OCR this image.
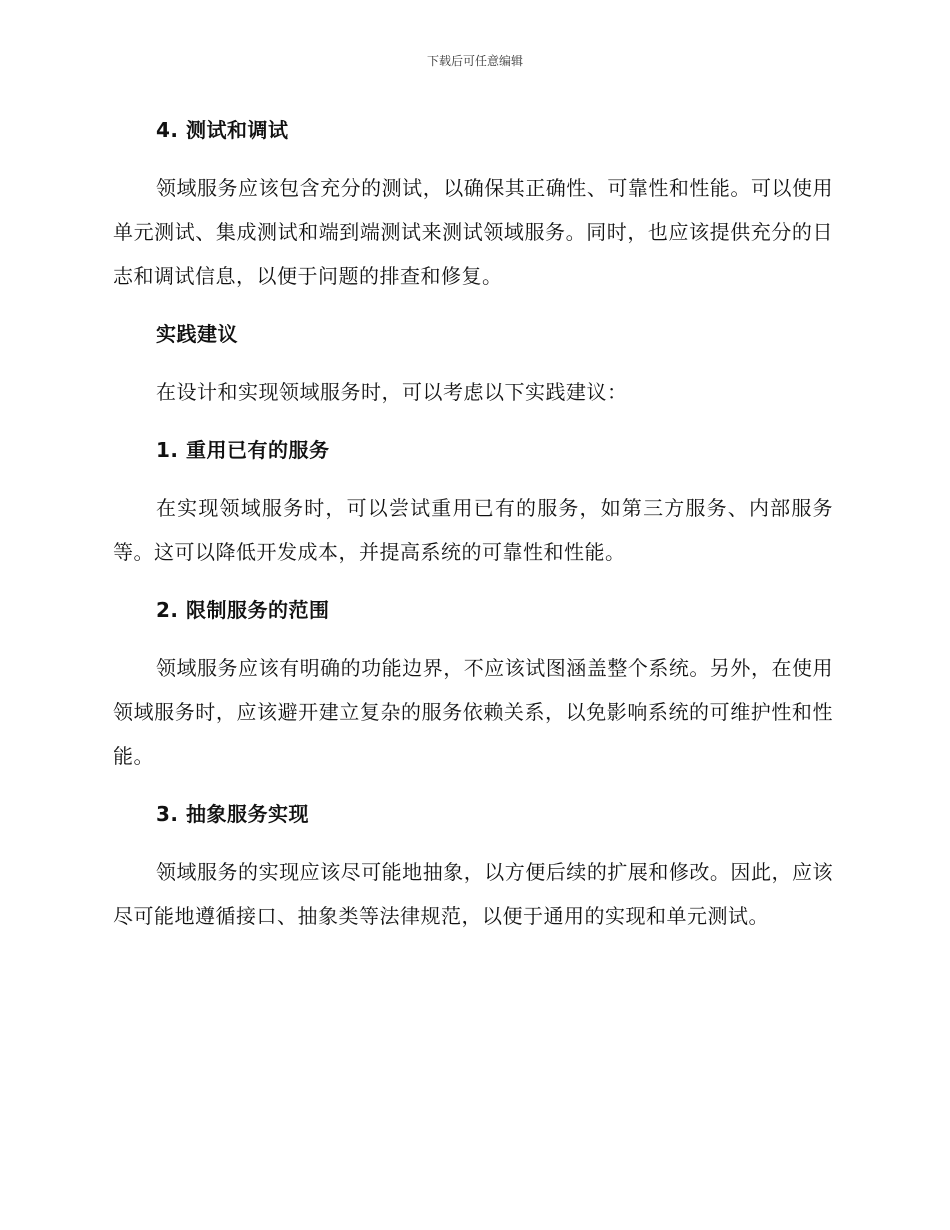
下载后可任意编辑
4. 测试和调试
领域服务应该包含充分的测试，以确保其正确性、可靠性和性能。可以使用单元测试、集成测试和端到端测试来测试领域服务。同时，也应该提供充分的日志和调试信息，以便于问题的排查和修复。
实践建议
在设计和实现领域服务时，可以考虑以下实践建议：
1. 重用已有的服务
在实现领域服务时，可以尝试重用已有的服务，如第三方服务、内部服务等。这可以降低开发成本，并提高系统的可靠性和性能。
2. 限制服务的范围
领域服务应该有明确的功能边界，不应该试图涵盖整个系统。另外，在使用领域服务时，应该避开建立复杂的服务依赖关系，以免影响系统的可维护性和性能。
3. 抽象服务实现
领域服务的实现应该尽可能地抽象，以方便后续的扩展和修改。因此，应该尽可能地遵循接口、抽象类等法律规范，以便于通用的实现和单元测试。
